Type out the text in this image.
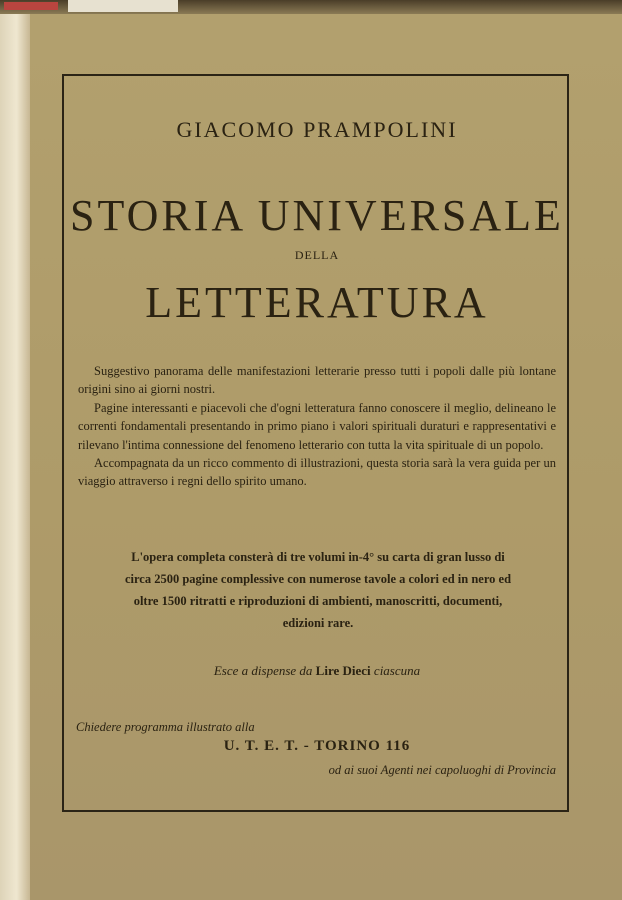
GIACOMO PRAMPOLINI
STORIA UNIVERSALE
DELLA
LETTERATURA

Suggestivo panorama delle manifestazioni letterarie presso tutti i popoli dalle più lontane origini sino ai giorni nostri.

Pagine interessanti e piacevoli che d'ogni letteratura fanno conoscere il meglio, delineano le correnti fondamentali presentando in primo piano i valori spirituali duraturi e rappresentativi e rilevano l'intima connessione del fenomeno letterario con tutta la vita spirituale di un popolo.

Accompagnata da un ricco commento di illustrazioni, questa storia sarà la vera guida per un viaggio attraverso i regni dello spirito umano.

L'opera completa consterà di tre volumi in-4° su carta di gran lusso di circa 2500 pagine complessive con numerose tavole a colori ed in nero ed oltre 1500 ritratti e riproduzioni di ambienti, manoscritti, documenti, edizioni rare.
Esce a dispense da Lire Dieci ciascuna
Chiedere programma illustrato alla
U. T. E. T. - TORINO 116
od ai suoi Agenti nei capoluoghi di Provincia
